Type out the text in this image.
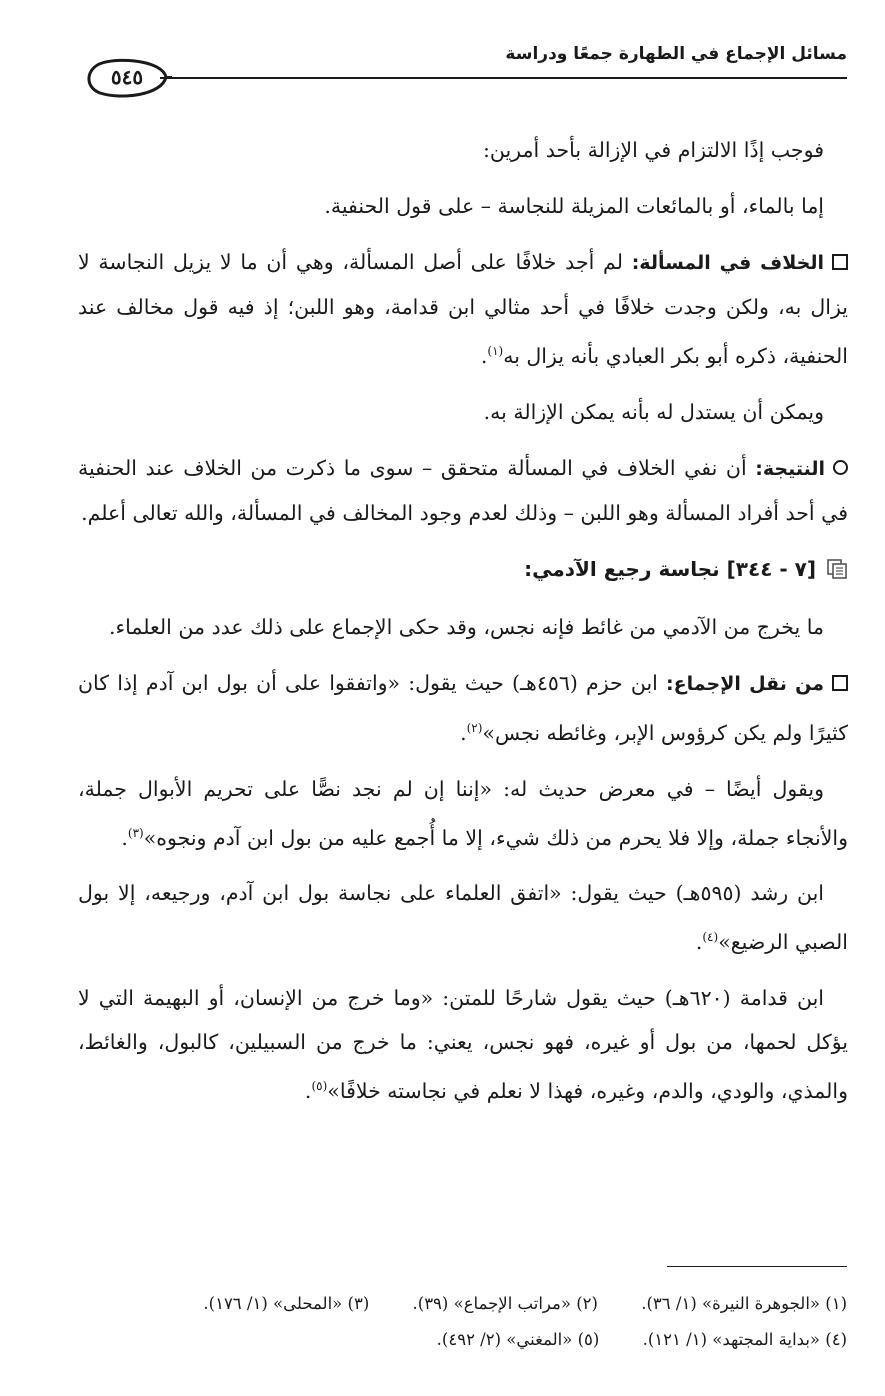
مسائل الإجماع في الطهارة جمعًا ودراسة
٥٤٥

فوجب إذًا الالتزام في الإزالة بأحد أمرين:

إما بالماء، أو بالمائعات المزيلة للنجاسة – على قول الحنفية.

الخلاف في المسألة: لم أجد خلافًا على أصل المسألة، وهي أن ما لا يزيل النجاسة لا يزال به، ولكن وجدت خلافًا في أحد مثالي ابن قدامة، وهو اللبن؛ إذ فيه قول مخالف عند الحنفية، ذكره أبو بكر العبادي بأنه يزال به$^{(١)}$.

ويمكن أن يستدل له بأنه يمكن الإزالة به.

النتيجة: أن نفي الخلاف في المسألة متحقق – سوى ما ذكرت من الخلاف عند الحنفية في أحد أفراد المسألة وهو اللبن – وذلك لعدم وجود المخالف في المسألة، والله تعالى أعلم.

[٧ - ٣٤٤] نجاسة رجيع الآدمي:

ما يخرج من الآدمي من غائط فإنه نجس، وقد حكى الإجماع على ذلك عدد من العلماء.

من نقل الإجماع: ابن حزم (٤٥٦هـ) حيث يقول: «واتفقوا على أن بول ابن آدم إذا كان كثيرًا ولم يكن كرؤوس الإبر، وغائطه نجس»$^{(٢)}$.

ويقول أيضًا – في معرض حديث له: «إننا إن لم نجد نصًّا على تحريم الأبوال جملة، والأنجاء جملة، وإلا فلا يحرم من ذلك شيء، إلا ما أُجمع عليه من بول ابن آدم ونجوه»$^{(٣)}$.

ابن رشد (٥٩٥هـ) حيث يقول: «اتفق العلماء على نجاسة بول ابن آدم، ورجيعه، إلا بول الصبي الرضيع»$^{(٤)}$.

ابن قدامة (٦٢٠هـ) حيث يقول شارحًا للمتن: «وما خرج من الإنسان، أو البهيمة التي لا يؤكل لحمها، من بول أو غيره، فهو نجس، يعني: ما خرج من السبيلين، كالبول، والغائط، والمذي، والودي، والدم، وغيره، فهذا لا نعلم في نجاسته خلافًا»$^{(٥)}$.

(١) «الجوهرة النيرة» (١/ ٣٦). (٢) «مراتب الإجماع» (٣٩). (٣) «المحلى» (١/ ١٧٦).
(٤) «بداية المجتهد» (١/ ١٢١). (٥) «المغني» (٢/ ٤٩٢).
